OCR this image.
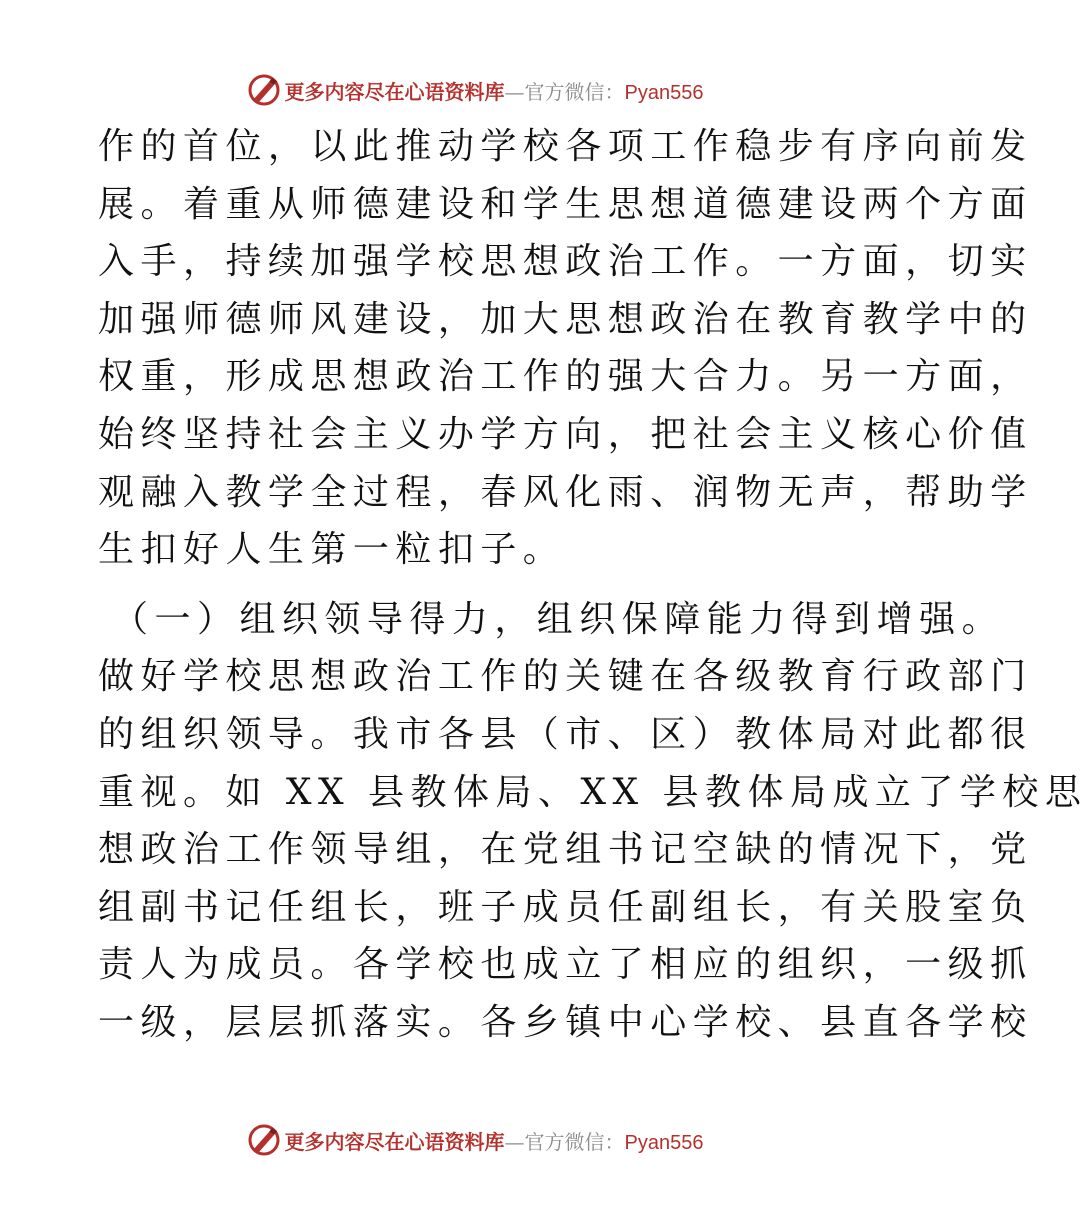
更多内容尽在心语资料库—官方微信：Pyan556
作的首位，以此推动学校各项工作稳步有序向前发
展。着重从师德建设和学生思想道德建设两个方面
入手，持续加强学校思想政治工作。一方面，切实
加强师德师风建设，加大思想政治在教育教学中的
权重，形成思想政治工作的强大合力。另一方面，
始终坚持社会主义办学方向，把社会主义核心价值
观融入教学全过程，春风化雨、润物无声，帮助学
生扣好人生第一粒扣子。
（一）组织领导得力，组织保障能力得到增强。
做好学校思想政治工作的关键在各级教育行政部门
的组织领导。我市各县（市、区）教体局对此都很
重视。如 XX 县教体局、XX 县教体局成立了学校思
想政治工作领导组，在党组书记空缺的情况下，党
组副书记任组长，班子成员任副组长，有关股室负
责人为成员。各学校也成立了相应的组织，一级抓
一级，层层抓落实。各乡镇中心学校、县直各学校
更多内容尽在心语资料库—官方微信：Pyan556
